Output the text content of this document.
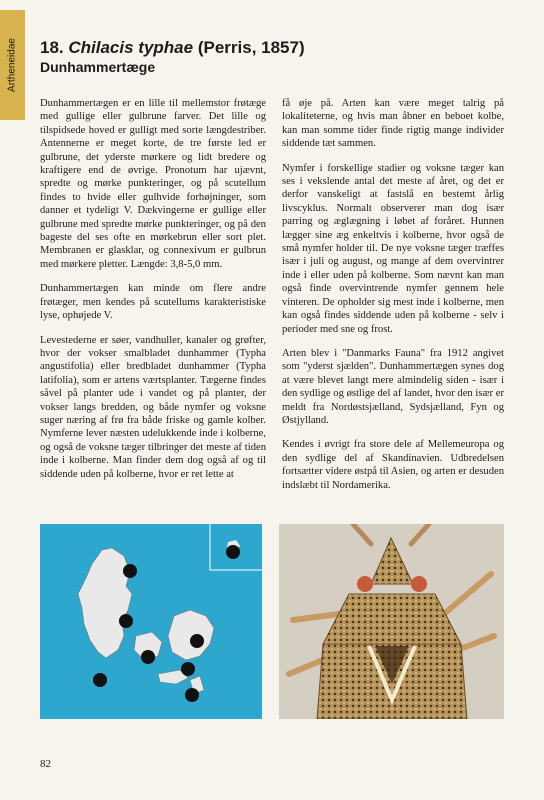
Artheneidae 18. Chilacis typhae (Perris, 1857)
Dunhammertæge

Dunhammertægen er en lille til mellemstor frøtæge med gullige eller gulbrune farver. Det lille og tilspidsede hoved er gulligt med sorte længdestriber. Antennerne er meget korte, de tre første led er gulbrune, det yderste mørkere og lidt bredere og kraftigere end de øvrige. Pronotum har ujævnt, spredte og mørke punkteringer, og på scutellum findes to hvide eller gulhvide forhøjninger, som danner et tydeligt V. Dækvingerne er gullige eller gulbrune med spredte mørke punkteringer, og på den bageste del ses ofte en mørkebrun eller sort plet. Membranen er glasklar, og connexivum er gulbrun med mørkere pletter. Længde: 3,8-5,0 mm.

Dunhammertægen kan minde om flere andre frøtæger, men kendes på scutellums karakteristiske lyse, ophøjede V.

Levestederne er søer, vandhuller, kanaler og grøfter, hvor der vokser smalbladet dunhammer (Typha angustifolia) eller bredbladet dunhammer (Typha latifolia), som er artens værtsplanter. Tægerne findes såvel på planter ude i vandet og på planter, der vokser langs bredden, og både nymfer og voksne suger næring af frø fra både friske og gamle kolber. Nymferne lever næsten udelukkende inde i kolberne, og også de voksne tæger tilbringer det meste af tiden inde i kolberne. Man finder dem dog også af og til siddende uden på kolberne, hvor er ret lette at

få øje på. Arten kan være meget talrig på lokaliteterne, og hvis man åbner en beboet kolbe, kan man somme tider finde rigtig mange individer siddende tæt sammen.

Nymfer i forskellige stadier og voksne tæger kan ses i vekslende antal det meste af året, og det er derfor vanskeligt at fastslå en bestemt årlig livscyklus. Normalt observerer man dog især parring og æglægning i løbet af foråret. Hunnen lægger sine æg enkeltvis i kolberne, hvor også de små nymfer holder til. De nye voksne tæger træffes især i juli og august, og mange af dem overvintrer inde i eller uden på kolberne. Som nævnt kan man også finde overvintrende nymfer gennem hele vinteren. De opholder sig mest inde i kolberne, men kan også findes siddende uden på kolberne - selv i perioder med sne og frost.

Arten blev i "Danmarks Fauna" fra 1912 angivet som "yderst sjælden". Dunhammertægen synes dog at være blevet langt mere almindelig siden - især i den sydlige og østlige del af landet, hvor den især er meldt fra Nordøstsjælland, Sydsjælland, Fyn og Østjylland.

Kendes i øvrigt fra store dele af Mellemeuropa og den sydlige del af Skandinavien. Udbredelsen fortsætter videre østpå til Asien, og arten er desuden indslæbt til Nordamerika.

82
